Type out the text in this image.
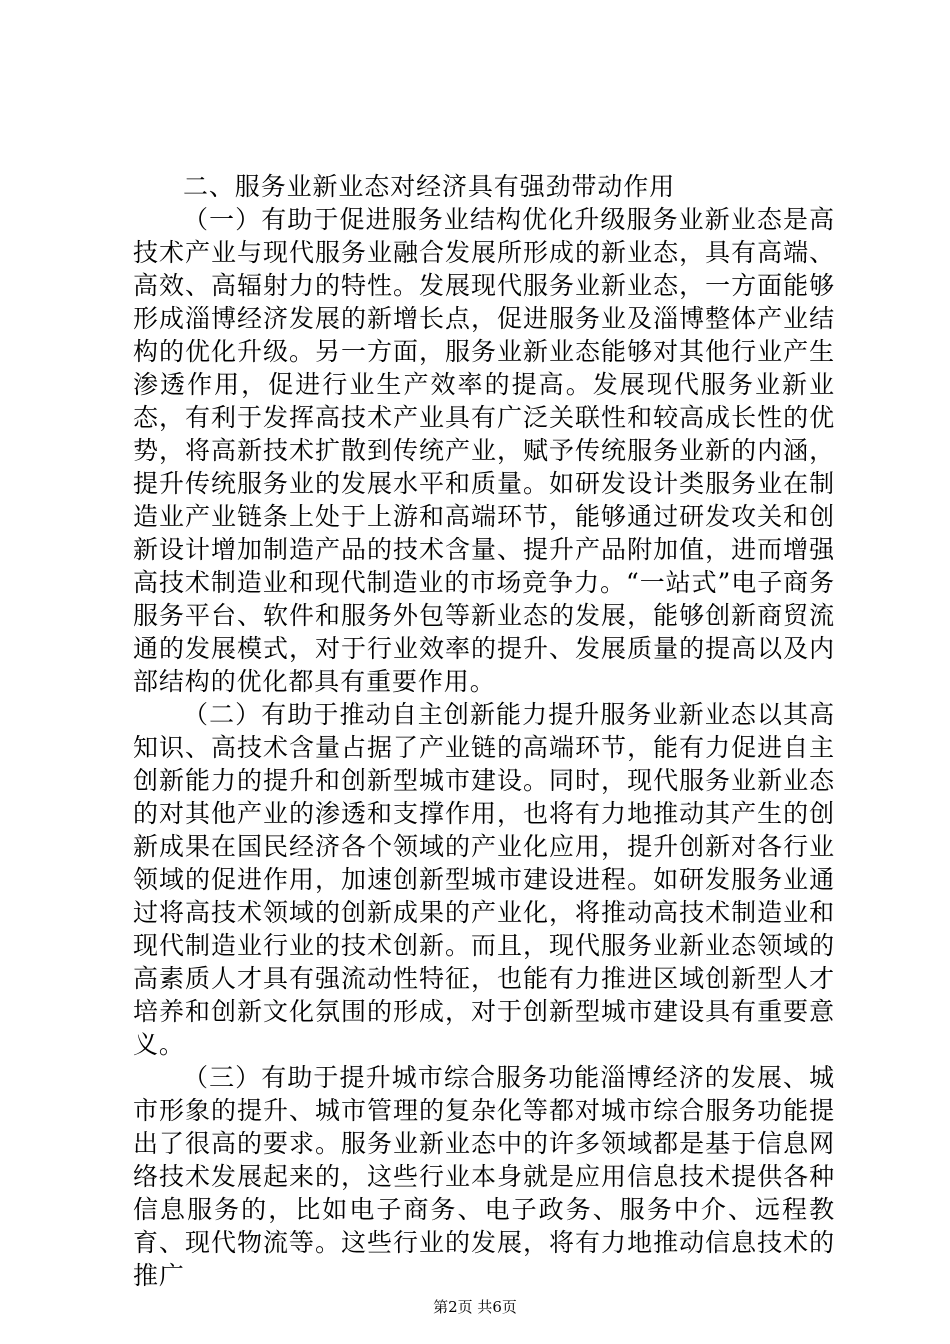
二、服务业新业态对经济具有强劲带动作用

（一）有助于促进服务业结构优化升级服务业新业态是高技术产业与现代服务业融合发展所形成的新业态，具有高端、高效、高辐射力的特性。发展现代服务业新业态，一方面能够形成淄博经济发展的新增长点，促进服务业及淄博整体产业结构的优化升级。另一方面，服务业新业态能够对其他行业产生渗透作用，促进行业生产效率的提高。发展现代服务业新业态，有利于发挥高技术产业具有广泛关联性和较高成长性的优势，将高新技术扩散到传统产业，赋予传统服务业新的内涵，提升传统服务业的发展水平和质量。如研发设计类服务业在制造业产业链条上处于上游和高端环节，能够通过研发攻关和创新设计增加制造产品的技术含量、提升产品附加值，进而增强高技术制造业和现代制造业的市场竞争力。“一站式”电子商务服务平台、软件和服务外包等新业态的发展，能够创新商贸流通的发展模式，对于行业效率的提升、发展质量的提高以及内部结构的优化都具有重要作用。

（二）有助于推动自主创新能力提升服务业新业态以其高知识、高技术含量占据了产业链的高端环节，能有力促进自主创新能力的提升和创新型城市建设。同时，现代服务业新业态的对其他产业的渗透和支撑作用，也将有力地推动其产生的创新成果在国民经济各个领域的产业化应用，提升创新对各行业领域的促进作用，加速创新型城市建设进程。如研发服务业通过将高技术领域的创新成果的产业化，将推动高技术制造业和现代制造业行业的技术创新。而且，现代服务业新业态领域的高素质人才具有强流动性特征，也能有力推进区域创新型人才培养和创新文化氛围的形成，对于创新型城市建设具有重要意义。

（三）有助于提升城市综合服务功能淄博经济的发展、城市形象的提升、城市管理的复杂化等都对城市综合服务功能提出了很高的要求。服务业新业态中的许多领域都是基于信息网络技术发展起来的，这些行业本身就是应用信息技术提供各种信息服务的，比如电子商务、电子政务、服务中介、远程教育、现代物流等。这些行业的发展，将有力地推动信息技术的推广

第2页 共6页
